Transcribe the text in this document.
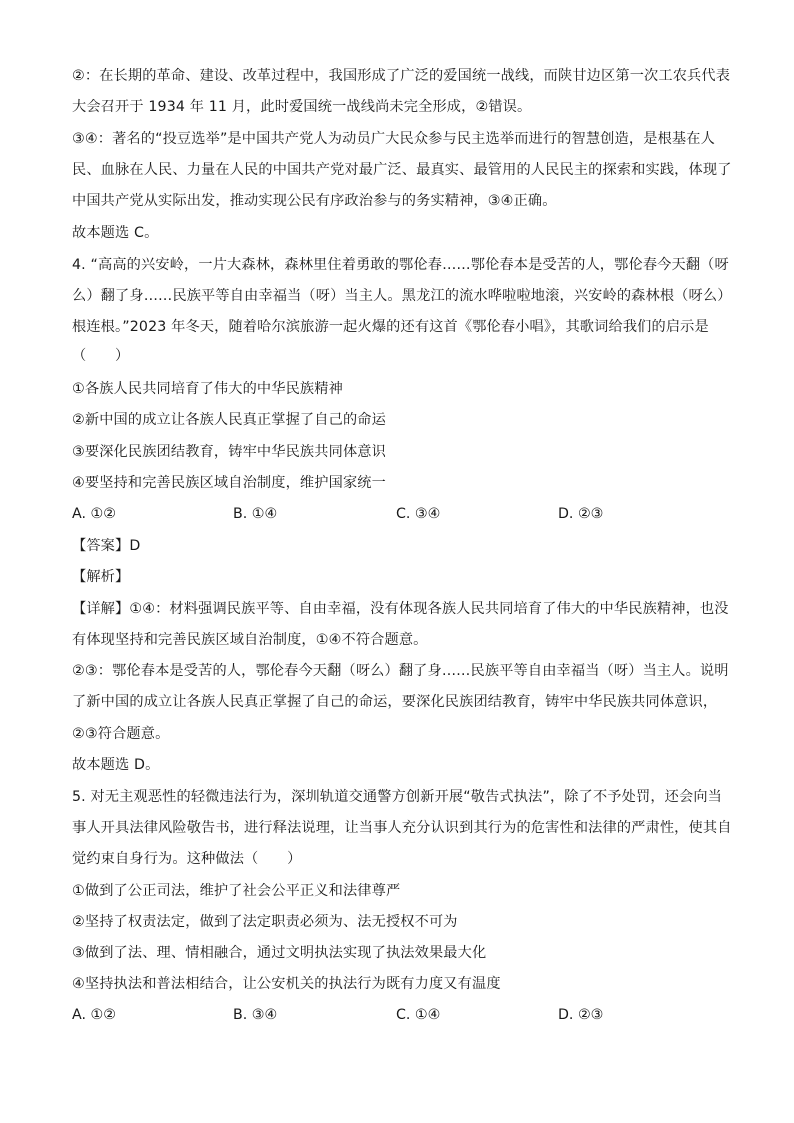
②：在长期的革命、建设、改革过程中，我国形成了广泛的爱国统一战线，而陕甘边区第一次工农兵代表
大会召开于 1934 年 11 月，此时爱国统一战线尚未完全形成，②错误。
③④：著名的“投豆选举”是中国共产党人为动员广大民众参与民主选举而进行的智慧创造，是根基在人
民、血脉在人民、力量在人民的中国共产党对最广泛、最真实、最管用的人民民主的探索和实践，体现了
中国共产党从实际出发，推动实现公民有序政治参与的务实精神，③④正确。
故本题选 C。
4. “高高的兴安岭，一片大森林，森林里住着勇敢的鄂伦春……鄂伦春本是受苦的人，鄂伦春今天翻（呀
么）翻了身……民族平等自由幸福当（呀）当主人。黑龙江的流水哗啦啦地滚，兴安岭的森林根（呀么）
根连根。”2023 年冬天，随着哈尔滨旅游一起火爆的还有这首《鄂伦春小唱》，其歌词给我们的启示是
（　　）
①各族人民共同培育了伟大的中华民族精神
②新中国的成立让各族人民真正掌握了自己的命运
③要深化民族团结教育，铸牢中华民族共同体意识
④要坚持和完善民族区域自治制度，维护国家统一
A. ①②	B. ①④	C. ③④	D. ②③
【答案】D
【解析】
【详解】①④：材料强调民族平等、自由幸福，没有体现各族人民共同培育了伟大的中华民族精神，也没
有体现坚持和完善民族区域自治制度，①④不符合题意。
②③：鄂伦春本是受苦的人，鄂伦春今天翻（呀么）翻了身……民族平等自由幸福当（呀）当主人。说明
了新中国的成立让各族人民真正掌握了自己的命运，要深化民族团结教育，铸牢中华民族共同体意识，
②③符合题意。
故本题选 D。
5. 对无主观恶性的轻微违法行为，深圳轨道交通警方创新开展“敬告式执法”，除了不予处罚，还会向当
事人开具法律风险敬告书，进行释法说理，让当事人充分认识到其行为的危害性和法律的严肃性，使其自
觉约束自身行为。这种做法（　　）
①做到了公正司法，维护了社会公平正义和法律尊严
②坚持了权责法定，做到了法定职责必须为、法无授权不可为
③做到了法、理、情相融合，通过文明执法实现了执法效果最大化
④坚持执法和普法相结合，让公安机关的执法行为既有力度又有温度
A. ①②	B. ③④	C. ①④	D. ②③
